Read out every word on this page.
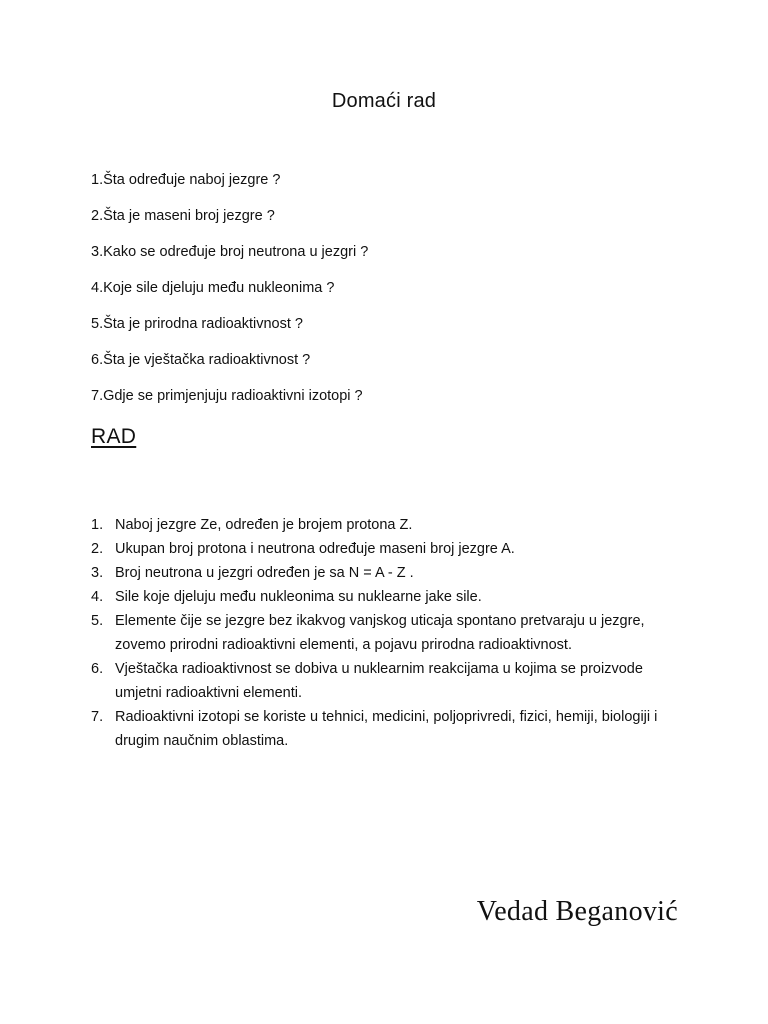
Domaći rad
1.Šta određuje naboj jezgre ?
2.Šta je maseni broj jezgre ?
3.Kako se određuje broj neutrona u jezgri ?
4.Koje sile djeluju među nukleonima ?
5.Šta je prirodna radioaktivnost ?
6.Šta je vještačka radioaktivnost ?
7.Gdje se primjenjuju radioaktivni izotopi ?
RAD
1. Naboj jezgre Ze, određen je brojem protona Z.
2. Ukupan broj protona i neutrona određuje maseni broj jezgre A.
3. Broj neutrona u jezgri određen je sa N = A - Z .
4. Sile koje djeluju među nukleonima su nuklearne jake sile.
5. Elemente čije se jezgre bez ikakvog vanjskog uticaja spontano pretvaraju u jezgre, zovemo prirodni radioaktivni elementi, a pojavu prirodna radioaktivnost.
6. Vještačka radioaktivnost se dobiva u nuklearnim reakcijama u kojima se proizvode umjetni radioaktivni elementi.
7. Radioaktivni izotopi se koriste u tehnici, medicini, poljoprivredi, fizici, hemiji, biologiji i drugim naučnim oblastima.
Vedad Beganović
